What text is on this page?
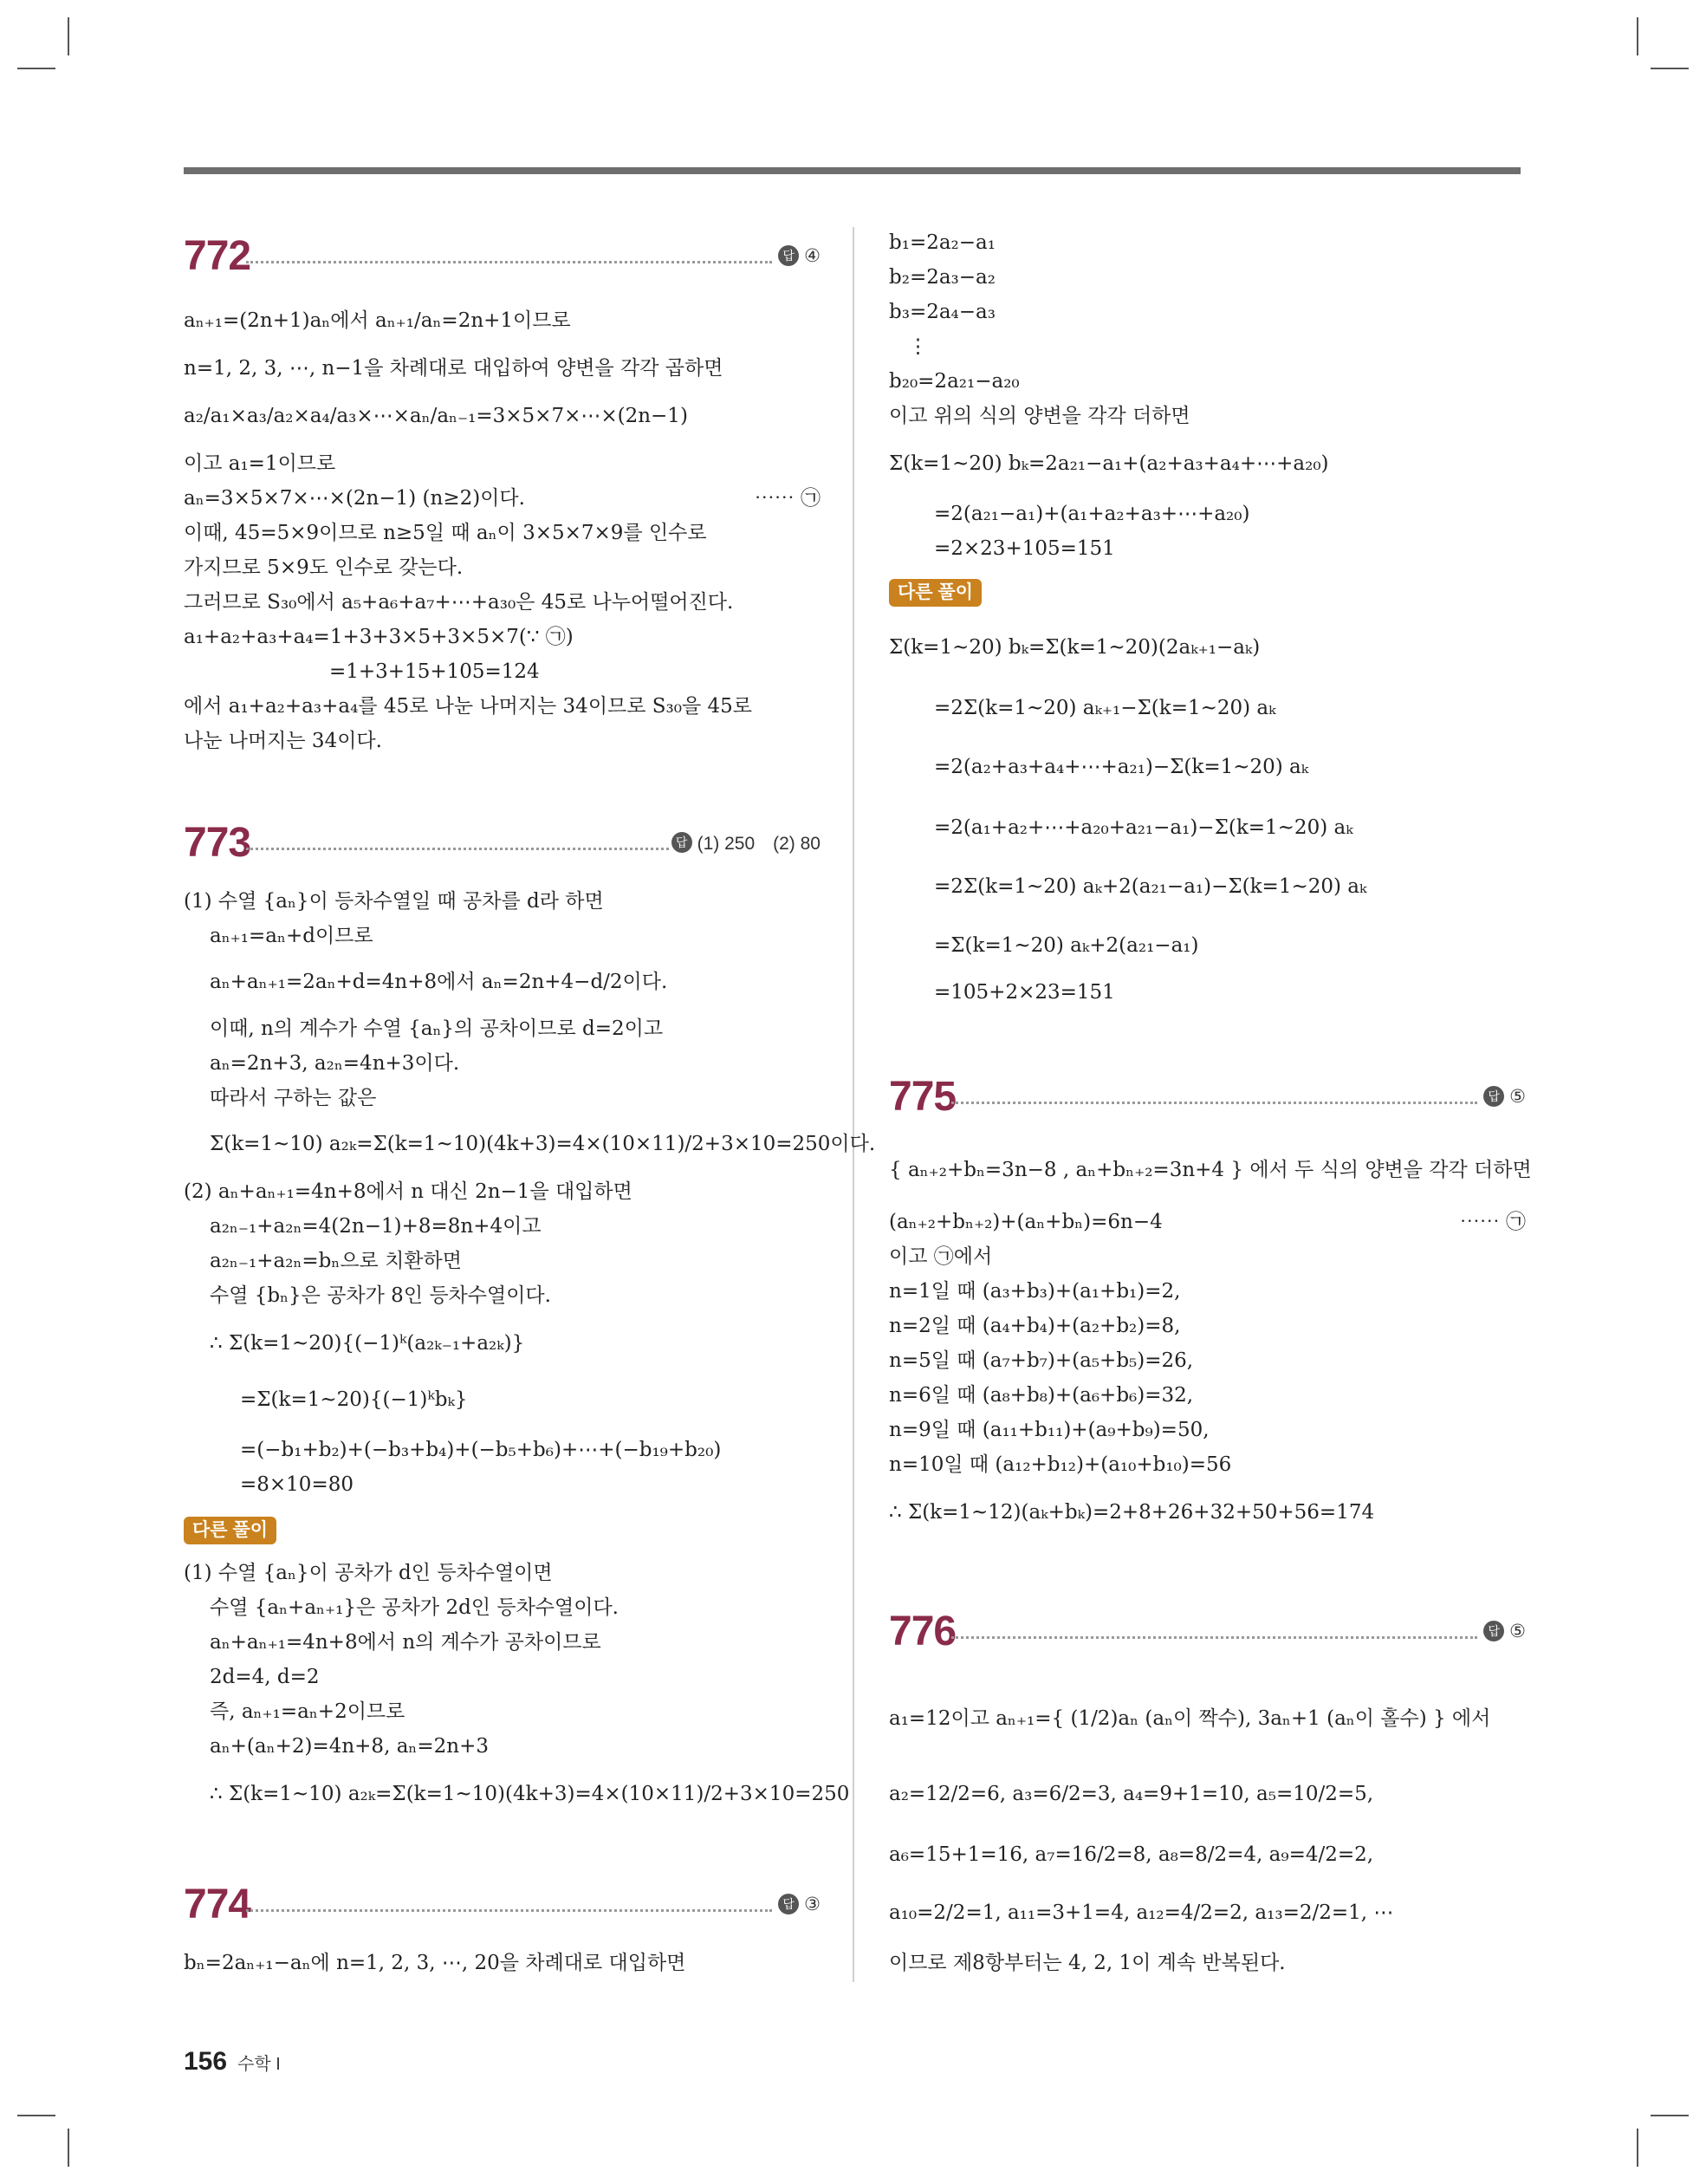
772	답 ④
aₙ₊₁=(2n+1)aₙ에서 aₙ₊₁/aₙ=2n+1이므로
n=1, 2, 3, ⋯, n−1을 차례대로 대입하여 양변을 각각 곱하면
a₂/a₁×a₃/a₂×a₄/a₃×⋯×aₙ/aₙ₋₁=3×5×7×⋯×(2n−1)
이고 a₁=1이므로
aₙ=3×5×7×⋯×(2n−1) (n≥2)이다.	⋯⋯ ㉠
이때, 45=5×9이므로 n≥5일 때 aₙ이 3×5×7×9를 인수로
가지므로 5×9도 인수로 갖는다.
그러므로 S₃₀에서 a₅+a₆+a₇+⋯+a₃₀은 45로 나누어떨어진다.
a₁+a₂+a₃+a₄=1+3+3×5+3×5×7(∵ ㉠)
=1+3+15+105=124
에서 a₁+a₂+a₃+a₄를 45로 나눈 나머지는 34이므로 S₃₀을 45로
나눈 나머지는 34이다.
773	답 (1) 250　(2) 80
(1) 수열 {aₙ}이 등차수열일 때 공차를 d라 하면
aₙ₊₁=aₙ+d이므로
aₙ+aₙ₊₁=2aₙ+d=4n+8에서 aₙ=2n+4−d/2이다.
이때, n의 계수가 수열 {aₙ}의 공차이므로 d=2이고
aₙ=2n+3, a₂ₙ=4n+3이다.
따라서 구하는 값은
Σ(k=1~10) a₂ₖ=Σ(k=1~10)(4k+3)=4×(10×11)/2+3×10=250이다.
(2) aₙ+aₙ₊₁=4n+8에서 n 대신 2n−1을 대입하면
a₂ₙ₋₁+a₂ₙ=4(2n−1)+8=8n+4이고
a₂ₙ₋₁+a₂ₙ=bₙ으로 치환하면
수열 {bₙ}은 공차가 8인 등차수열이다.
∴ Σ(k=1~20){(−1)ᵏ(a₂ₖ₋₁+a₂ₖ)}
=Σ(k=1~20){(−1)ᵏbₖ}
=(−b₁+b₂)+(−b₃+b₄)+(−b₅+b₆)+⋯+(−b₁₉+b₂₀)
=8×10=80
다른 풀이
(1) 수열 {aₙ}이 공차가 d인 등차수열이면
수열 {aₙ+aₙ₊₁}은 공차가 2d인 등차수열이다.
aₙ+aₙ₊₁=4n+8에서 n의 계수가 공차이므로
2d=4, d=2
즉, aₙ₊₁=aₙ+2이므로
aₙ+(aₙ+2)=4n+8, aₙ=2n+3
∴ Σ(k=1~10) a₂ₖ=Σ(k=1~10)(4k+3)=4×(10×11)/2+3×10=250
774	답 ③
bₙ=2aₙ₊₁−aₙ에 n=1, 2, 3, ⋯, 20을 차례대로 대입하면
b₁=2a₂−a₁
b₂=2a₃−a₂
b₃=2a₄−a₃
⋮
b₂₀=2a₂₁−a₂₀
이고 위의 식의 양변을 각각 더하면
Σ(k=1~20) bₖ=2a₂₁−a₁+(a₂+a₃+a₄+⋯+a₂₀)
=2(a₂₁−a₁)+(a₁+a₂+a₃+⋯+a₂₀)
=2×23+105=151
다른 풀이
Σ(k=1~20) bₖ=Σ(k=1~20)(2aₖ₊₁−aₖ)
=2Σ(k=1~20) aₖ₊₁−Σ(k=1~20) aₖ
=2(a₂+a₃+a₄+⋯+a₂₁)−Σ(k=1~20) aₖ
=2(a₁+a₂+⋯+a₂₀+a₂₁−a₁)−Σ(k=1~20) aₖ
=2Σ(k=1~20) aₖ+2(a₂₁−a₁)−Σ(k=1~20) aₖ
=Σ(k=1~20) aₖ+2(a₂₁−a₁)
=105+2×23=151
775	답 ⑤
{ aₙ₊₂+bₙ=3n−8 , aₙ+bₙ₊₂=3n+4 } 에서 두 식의 양변을 각각 더하면
(aₙ₊₂+bₙ₊₂)+(aₙ+bₙ)=6n−4	⋯⋯ ㉠
이고 ㉠에서
n=1일 때 (a₃+b₃)+(a₁+b₁)=2,
n=2일 때 (a₄+b₄)+(a₂+b₂)=8,
n=5일 때 (a₇+b₇)+(a₅+b₅)=26,
n=6일 때 (a₈+b₈)+(a₆+b₆)=32,
n=9일 때 (a₁₁+b₁₁)+(a₉+b₉)=50,
n=10일 때 (a₁₂+b₁₂)+(a₁₀+b₁₀)=56
∴ Σ(k=1~12)(aₖ+bₖ)=2+8+26+32+50+56=174
776	답 ⑤
a₁=12이고 aₙ₊₁={ (1/2)aₙ (aₙ이 짝수), 3aₙ+1 (aₙ이 홀수) } 에서
a₂=12/2=6, a₃=6/2=3, a₄=9+1=10, a₅=10/2=5,
a₆=15+1=16, a₇=16/2=8, a₈=8/2=4, a₉=4/2=2,
a₁₀=2/2=1, a₁₁=3+1=4, a₁₂=4/2=2, a₁₃=2/2=1, ⋯
이므로 제8항부터는 4, 2, 1이 계속 반복된다.
156 수학 I
